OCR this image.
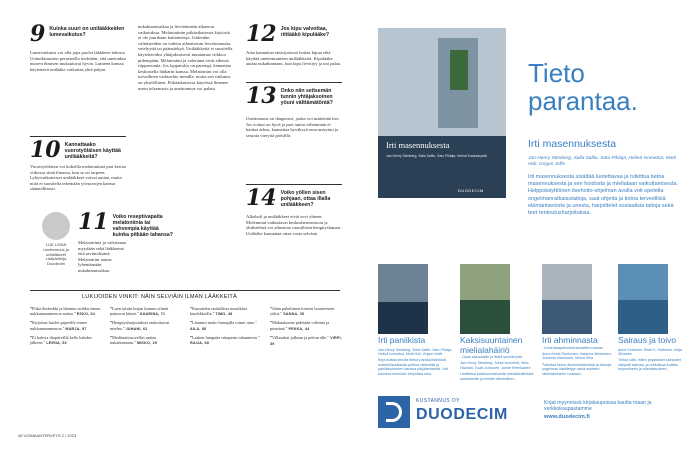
9 Kuinka suuri on unilääkkeiden lumevaikutus?
Lumevaikutus voi olla jopa puolet lääkkeen tehosta. Unitutkimusten perusteella tiedetään, että unetonkin nuoren ihmisen mukautuvat hyvin. Lumeen kanssa käytettävä unilääke vaikuttaa yhtä paljon.
10 Kannattaako vuorotyöläisen käyttää unilääkkeitä?
Vuorotyöläisen voi kokeilla melatoniinia pari kertaa viikossa siinä ilmassa, kun se on tarpeen. Lyhytvaikutteiset unilääkkeet voivat auttaa, mutta niitä ei suositella tekemään yövuorojen kanssa säännöllisesti.
LUE LISÄÄ Unettomuus ja unilääkkeet Lääkärikirja Duodecim
11 Voiko reseptivapaita melatoniinia tai vahvempia käyttää kuinka pitkään tahansa?
Melatoniinia ja valerianaa myydään sekä lääkkeenä että ravintolisänä. Melatoniini auttaa lyhentämään nukahtamisaikaa.
nukahtamisaikaa ja lievittämään aikaeron vaikutuksia. Melatoniinin pitkäaikaisesta käytöstä ei ole juurikaan haittatietoja. Joidenkin valmisteiden on todettu aiheuttavan levottomuutta, vetelyyttä tai päänsärkyä. Unilääkkeitä ei suositella käytettäväksi yhtäjaksoisesti muutamaa viikkoa pidempään. Melatoniini ja valeriana eivät aiheuta riippuvuutta. Jos lopputulos on parempi, kannattaa keskustella lääkärin kanssa. Melatoniini voi olla turvallinen vaihtoehto monille, mutta sen vaikutus on yksilöllinen. Pitkäaikaisessa käytössä ilmenee usein toleranssia ja unettomuus voi palata.
12 Jos kipu valvottaa, riittääkö kipulääke?
Aina kannattaa ensisijaisesti hoitaa kipua eikä käyttää unettomuuteen unilääkkeitä. Kipulääke auttaa nukahtamaan, kun kipu lievittyy ja uni palaa.
13 Onko niin seitsemän tunnin yhtäjaksoinen yöuni välttämätöntä?
Unettomuus on diagnoosi, jonka voi määrittää itse. Jos voinut on hyvä ja pari tuntia vähemmän ei haittaa arkea, kannattaa hyväksyä oma unirytmi ja seurata vireyttä päivällä.
14 Voiko yöllen sisen pohjaan, ottaa illalla unilääkkeen?
Alkoholi ja unilääkkeet eivät sovi yhteen. Molemmat vaikuttavat keskushermostoon ja yhdistelmä voi aiheuttaa vaarallisen hengityslaman. Unilääke kannattaa ottaa vasta selvänä.
LUKIJOIDEN VINKIT: NÄIN SELVIÄIN ILMAN LÄÄKKEITÄ
"Pitkä iltalenkki ja lämmin suihku ennen nukkumaanmenoa auttaa." ESKO, 64
"Luen tylsän kirjan kunnes silmät painuvat kiinni." KAARINA, 71
"Kuuntelen rauhallista musiikkia kuulokkeilla." TIMO, 48
"Jätän puhelimen toiseen huoneeseen yöksi." SANNA, 35
"Kirjoitan huolet paperille ennen nukkumaanmenoa." MARJA, 57
"Hengitysharjoitukset rauhoittavat mielen." JUHANI, 62
"Lämmin maito hunajalla toimii aina." AILA, 80
"Makuuhuone pidetään viileänä ja pimeänä." PEKKA, 44
"Ei kahvia iltapäivällä kello kahden jälkeen." LEENA, 53
"Meditaatiosovellus auttaa nukahtamaan." MIKKO, 29
"Lasken lampaita takaperin tuhannesta." RAIJA, 68
"Villasukat jalkaan ja peiton alle." VIRPI, 39
46 VOIMAANTERVEYS 2 / 2023
Irti masennuksesta
Jan-Henry Stenberg, Salla Saltio, Satu Pihlaja, Helinä Kankaanpää
DUODECIM
Tieto
parantaa.
Irti masennuksesta
Jan-Henry Stenberg, Salla Saltio, Satu Pihlaja, Helinä Isometsä, Matti Holi, Grigori Joffe
Irti masennuksesta sisältää luotettavaa ja tutkittua tietoa masennuksesta ja sen hoidosta ja mielialaan vaikuttamisesta. Helppokäyttöinen itsehoito-ohjelman avulla voit opetella ongelmanratkaisutaitoja, saat ohjeita ja tietoa terveellisiä elämäntavoista ja unesta, harjoittelet sosiaalisia taitoja sekä teet rentoutusharjoituksia.
Irti paniikista
Jan-Henry Stenberg, Salla Saltio, Satu Pihlaja, Helinä Isometsä, Matti Holi, Grigori Joffe
Kirja auttaa sinulta tietoa paniikkihäiriöstä, mahdollisuuksista pelkoa vähentää ja paniikkioireiden kanssa pärjäämisestä. Voit tutustua keinoihin helpottaa oloa.
Kaksisuuntainen mielialahäiriö
- Opas sairaudelle ja lisätä ymmärrystä
Jan-Henry Stenberg, Jukka Isometsä, Nina Haarala, Tuula Juntunen, Janne Reinikainen
Lisätietoa kaksisuuntaisesta mielialahäiriöstä sairastaville ja heidän läheisilleen.
Irti ahminnasta
- Kohti tasapainoista suhdetta ruokaan
Anna Keski-Rahkonen, Katarina Meskanen, Johanna Vanhanen, Noora Siira
Tutkittua tietoa ahmimishäiriöstä ja keinoja ongelman käsittelyyn sekä suhteen rakentamiseen ruokaan.
Sairaus ja toivo
Anne Kettunen, Matti O. Huttunen, Kaija Siivanen
Tietoa siitä, miten psyykkiset sairaudet näkyvät arjessa, ja rohkaisua luottaa toipumiseen ja tulevaisuuteen.
KUSTANNUS OY
DUODECIM
Kirjat myynnissä kirjakaupoissa kautta maan ja verkkokaupastamme
www.duodecim.fi
